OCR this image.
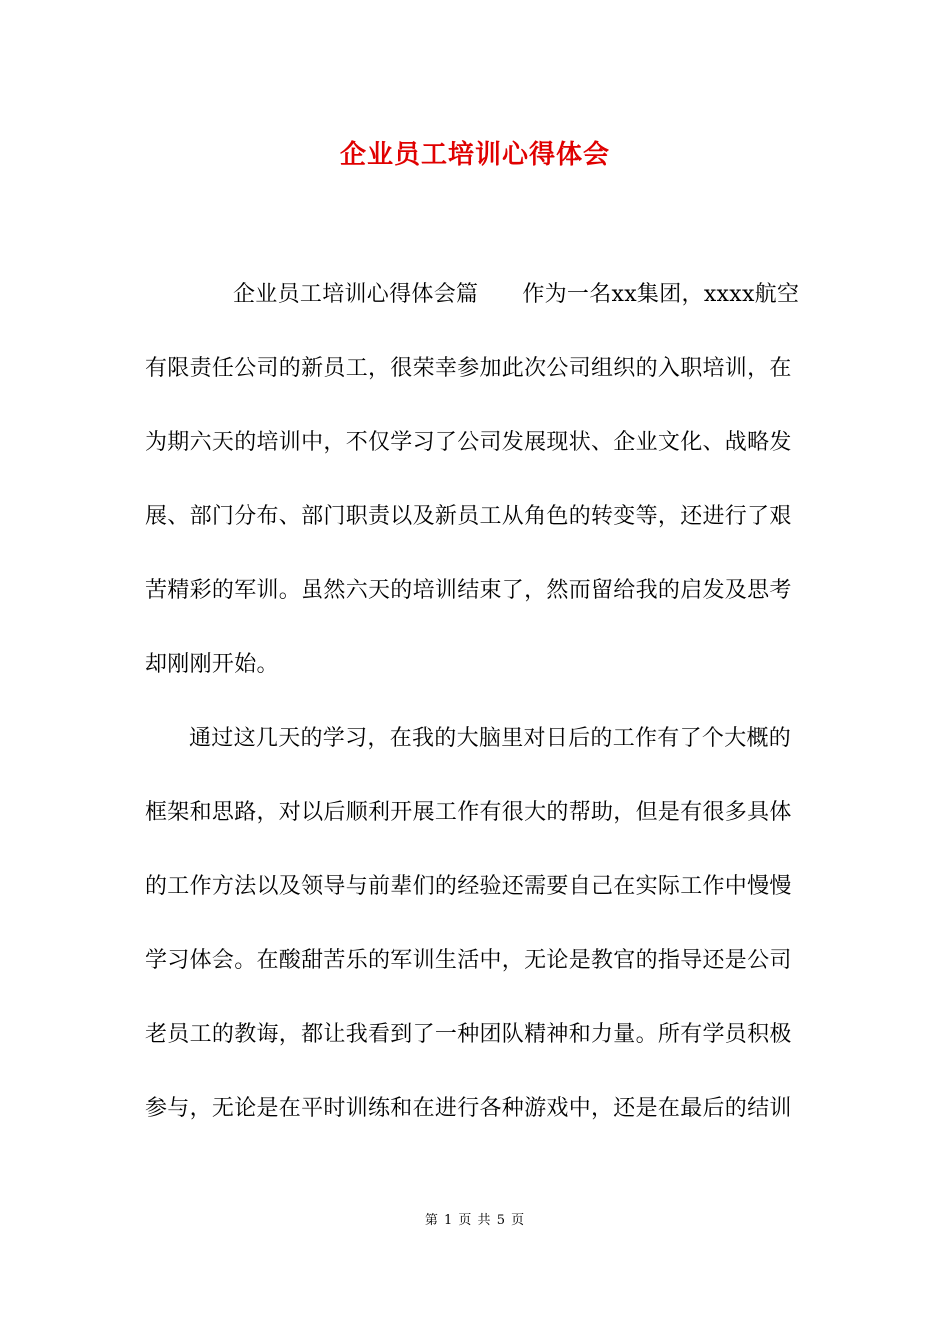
企业员工培训心得体会
企业员工培训心得体会篇 作为一名xx集团，xxxx航空
有限责任公司的新员工，很荣幸参加此次公司组织的入职培训，在
为期六天的培训中，不仅学习了公司发展现状、企业文化、战略发
展、部门分布、部门职责以及新员工从角色的转变等，还进行了艰
苦精彩的军训。虽然六天的培训结束了，然而留给我的启发及思考
却刚刚开始。
通过这几天的学习，在我的大脑里对日后的工作有了个大概的
框架和思路，对以后顺利开展工作有很大的帮助，但是有很多具体
的工作方法以及领导与前辈们的经验还需要自己在实际工作中慢慢
学习体会。在酸甜苦乐的军训生活中，无论是教官的指导还是公司
老员工的教诲，都让我看到了一种团队精神和力量。所有学员积极
参与，无论是在平时训练和在进行各种游戏中，还是在最后的结训
第 1 页 共 5 页
